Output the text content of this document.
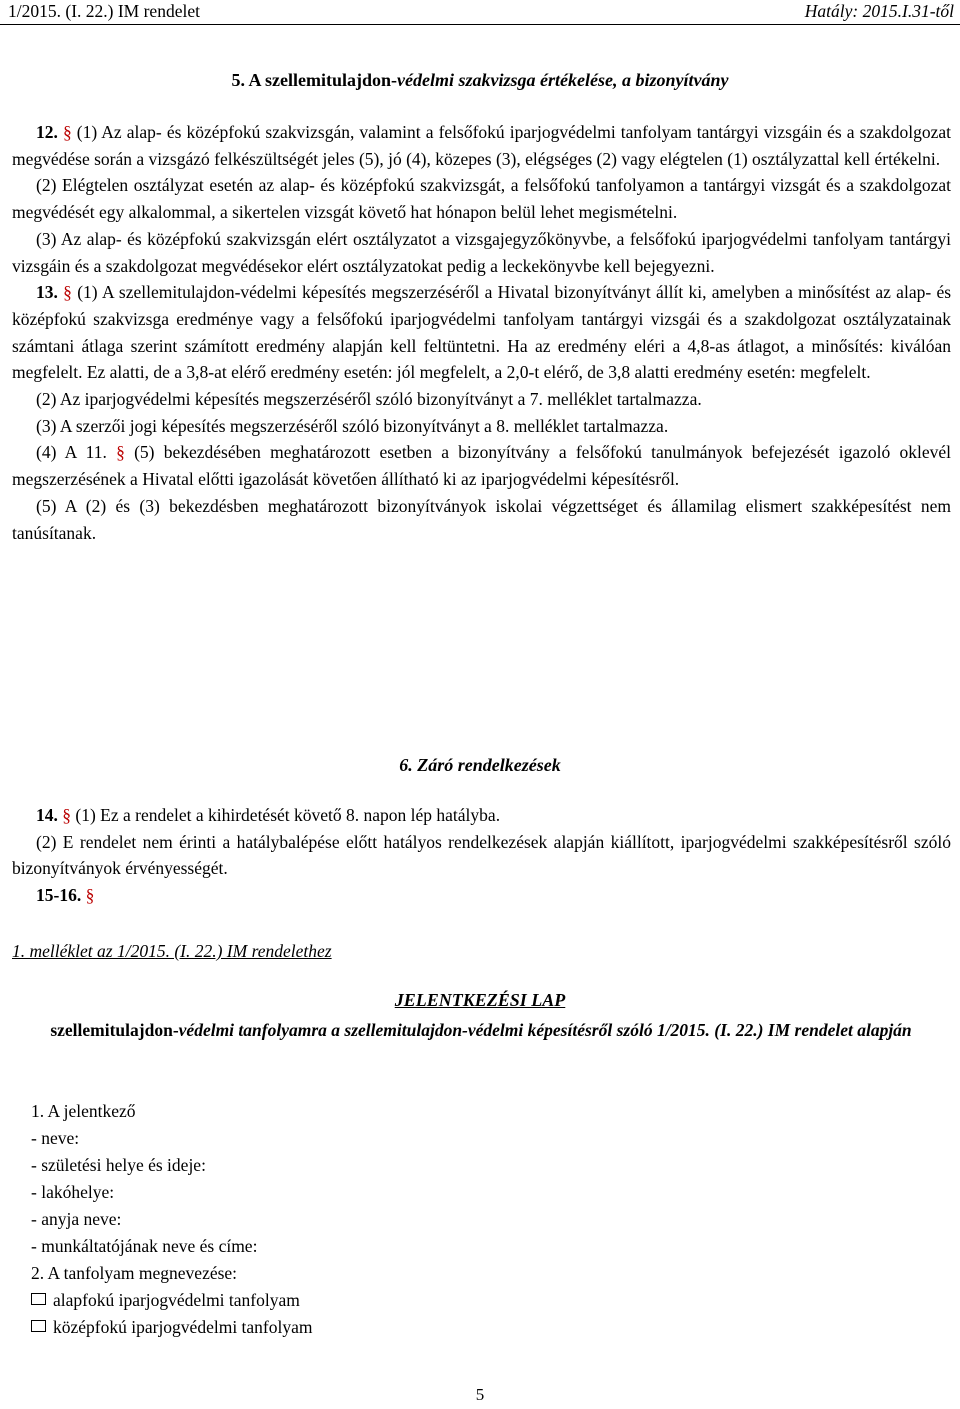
1/2015. (I. 22.) IM rendelet	Hatály: 2015.I.31-től
5. A szellemitulajdon-védelmi szakvizsga értékelése, a bizonyítvány

12. § (1) Az alap- és középfokú szakvizsgán, valamint a felsőfokú iparjogvédelmi tanfolyam tantárgyi vizsgáin és a szakdolgozat megvédése során a vizsgázó felkészültségét jeles (5), jó (4), közepes (3), elégséges (2) vagy elégtelen (1) osztályzattal kell értékelni.

(2) Elégtelen osztályzat esetén az alap- és középfokú szakvizsgát, a felsőfokú tanfolyamon a tantárgyi vizsgát és a szakdolgozat megvédését egy alkalommal, a sikertelen vizsgát követő hat hónapon belül lehet megismételni.

(3) Az alap- és középfokú szakvizsgán elért osztályzatot a vizsgajegyzőkönyvbe, a felsőfokú iparjogvédelmi tanfolyam tantárgyi vizsgáin és a szakdolgozat megvédésekor elért osztályzatokat pedig a leckekönyvbe kell bejegyezni.

13. § (1) A szellemitulajdon-védelmi képesítés megszerzéséről a Hivatal bizonyítványt állít ki, amelyben a minősítést az alap- és középfokú szakvizsga eredménye vagy a felsőfokú iparjogvédelmi tanfolyam tantárgyi vizsgái és a szakdolgozat osztályzatainak számtani átlaga szerint számított eredmény alapján kell feltüntetni. Ha az eredmény eléri a 4,8-as átlagot, a minősítés: kiválóan megfelelt. Ez alatti, de a 3,8-at elérő eredmény esetén: jól megfelelt, a 2,0-t elérő, de 3,8 alatti eredmény esetén: megfelelt.

(2) Az iparjogvédelmi képesítés megszerzéséről szóló bizonyítványt a 7. melléklet tartalmazza.

(3) A szerzői jogi képesítés megszerzéséről szóló bizonyítványt a 8. melléklet tartalmazza.

(4) A 11. § (5) bekezdésében meghatározott esetben a bizonyítvány a felsőfokú tanulmányok befejezését igazoló oklevél megszerzésének a Hivatal előtti igazolását követően állítható ki az iparjogvédelmi képesítésről.

(5) A (2) és (3) bekezdésben meghatározott bizonyítványok iskolai végzettséget és államilag elismert szakképesítést nem tanúsítanak.

6. Záró rendelkezések

14. § (1) Ez a rendelet a kihirdetését követő 8. napon lép hatályba.

(2) E rendelet nem érinti a hatálybalépése előtt hatályos rendelkezések alapján kiállított, iparjogvédelmi szakképesítésről szóló bizonyítványok érvényességét.

15-16. §

1. melléklet az 1/2015. (I. 22.) IM rendelethez
JELENTKEZÉSI LAP
szellemitulajdon-védelmi tanfolyamra a szellemitulajdon-védelmi képesítésről szóló 1/2015. (I. 22.) IM rendelet alapján
1. A jelentkező
- neve:
- születési helye és ideje:
- lakóhelye:
- anyja neve:
- munkáltatójának neve és címe:
2. A tanfolyam megnevezése:
alapfokú iparjogvédelmi tanfolyam
középfokú iparjogvédelmi tanfolyam
5
